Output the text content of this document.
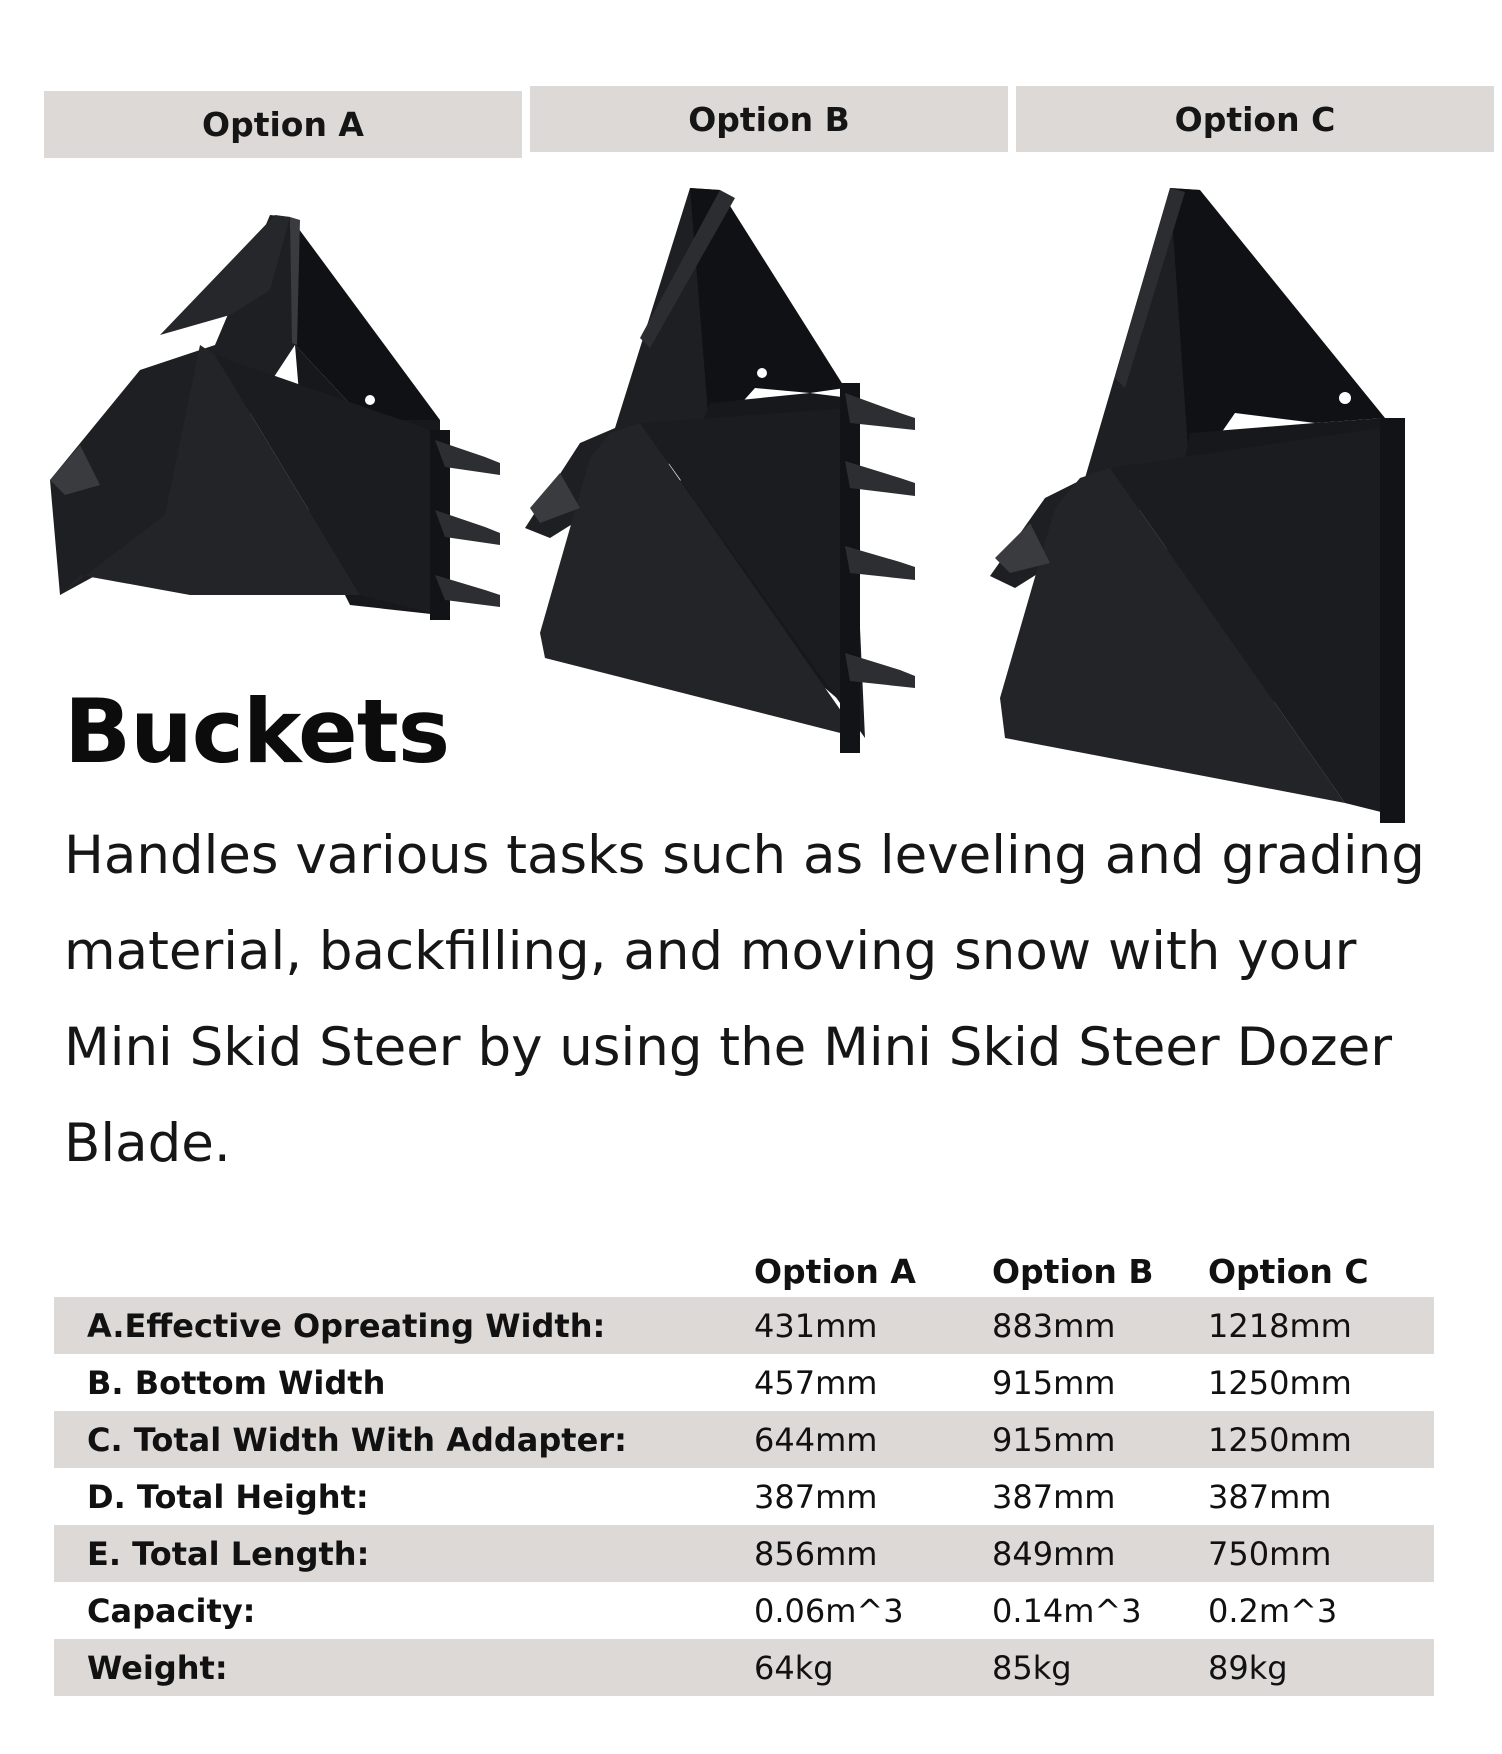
Option A	Option B	Option C
Buckets

Handles various tasks such as leveling and grading material, backfilling, and moving snow with your Mini Skid Steer by using the Mini Skid Steer Dozer Blade.

	Option A	Option B	Option C
A.Effective Opreating Width:	431mm	883mm	1218mm
B. Bottom Width	457mm	915mm	1250mm
C. Total Width With Addapter:	644mm	915mm	1250mm
D. Total Height:	387mm	387mm	387mm
E. Total Length:	856mm	849mm	750mm
Capacity:	0.06m^3	0.14m^3	0.2m^3
Weight:	64kg	85kg	89kg
